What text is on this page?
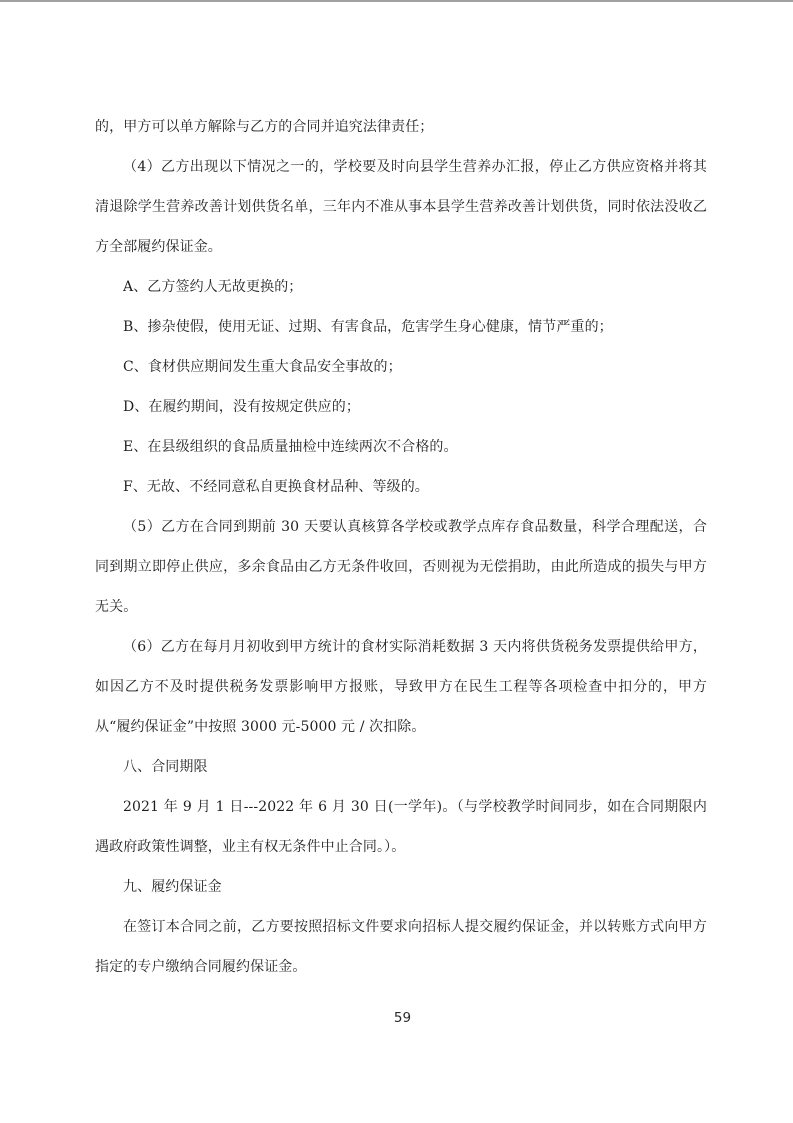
的，甲方可以单方解除与乙方的合同并追究法律责任；

（4）乙方出现以下情况之一的，学校要及时向县学生营养办汇报，停止乙方供应资格并将其清退除学生营养改善计划供货名单，三年内不准从事本县学生营养改善计划供货，同时依法没收乙方全部履约保证金。

A、乙方签约人无故更换的；

B、掺杂使假，使用无证、过期、有害食品，危害学生身心健康，情节严重的；

C、食材供应期间发生重大食品安全事故的；

D、在履约期间，没有按规定供应的；

E、在县级组织的食品质量抽检中连续两次不合格的。

F、无故、不经同意私自更换食材品种、等级的。

（5）乙方在合同到期前 30 天要认真核算各学校或教学点库存食品数量，科学合理配送，合同到期立即停止供应，多余食品由乙方无条件收回，否则视为无偿捐助，由此所造成的损失与甲方无关。

（6）乙方在每月月初收到甲方统计的食材实际消耗数据 3 天内将供货税务发票提供给甲方，如因乙方不及时提供税务发票影响甲方报账，导致甲方在民生工程等各项检查中扣分的，甲方从“履约保证金”中按照 3000 元-5000 元 / 次扣除。

八、合同期限

2021 年 9 月 1 日---2022 年 6 月 30 日(一学年)。（与学校教学时间同步，如在合同期限内遇政府政策性调整，业主有权无条件中止合同。）。

九、履约保证金

在签订本合同之前，乙方要按照招标文件要求向招标人提交履约保证金，并以转账方式向甲方指定的专户缴纳合同履约保证金。

59
